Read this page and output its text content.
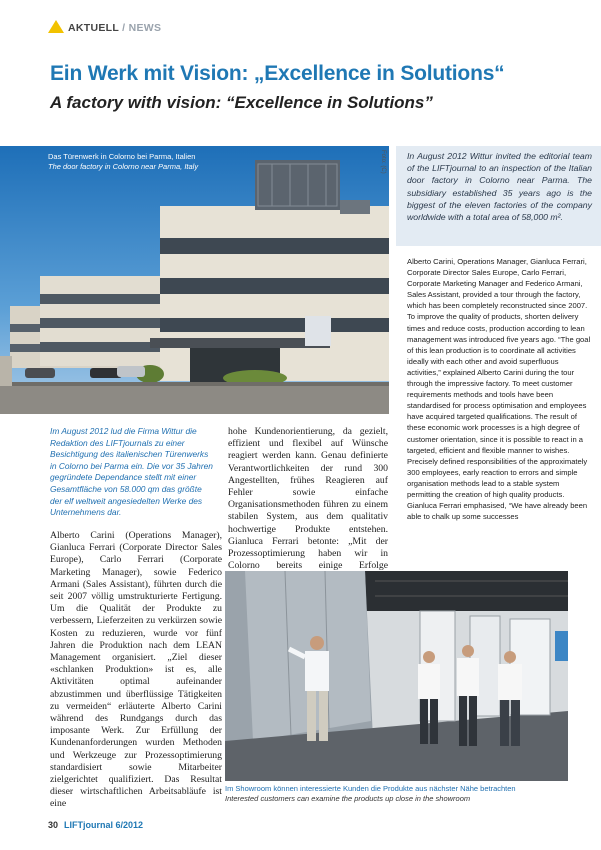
AKTUELL / NEWS
Ein Werk mit Vision: „Excellence in Solutions“
A factory with vision: “Excellence in Solutions”
Das Türenwerk in Colorno bei Parma, Italien
The door factory in Colorno near Parma, Italy	Foto: (C) In August 2012 Wittur invited the editorial team of the LIFTjournal to an inspection of the Italian door factory in Colorno near Parma. The subsidiary established 35 years ago is the biggest of the eleven factories of the company worldwide with a total area of 58,000 m².
Alberto Carini, Operations Manager, Gianluca Ferrari, Corporate Director Sales Europe, Carlo Ferrari, Corporate Marketing Manager and Federico Armani, Sales Assistant, provided a tour through the factory, which has been completely reconstructed since 2007. To improve the quality of products, shorten delivery times and reduce costs, production according to lean management was introduced five years ago. “The goal of this lean production is to coordinate all activities ideally with each other and avoid superfluous activities,” explained Alberto Carini during the tour through the impressive factory. To meet customer requirements methods and tools have been standardised for process optimisation and employees have acquired targeted qualifications. The result of these economic work processes is a high degree of customer orientation, since it is possible to react in a targeted, efficient and flexible manner to wishes. Precisely defined responsibilities of the approximately 300 employees, early reaction to errors and simple organisation methods lead to a stable system permitting the creation of high quality products. Gianluca Ferrari emphasised, “We have already been able to chalk up some successes
Im August 2012 lud die Firma Wittur die Redaktion des LIFTjournals zu einer Besichtigung des italienischen Türenwerks in Colorno bei Parma ein. Die vor 35 Jahren gegründete Dependance stellt mit einer Gesamtfläche von 58.000 qm das größte der elf weltweit angesiedelten Werke des Unternehmens dar.
Alberto Carini (Operations Manager), Gianluca Ferrari (Corporate Director Sales Europe), Carlo Ferrari (Corporate Marketing Manager), sowie Federico Armani (Sales Assistant), führten durch die seit 2007 völlig umstrukturierte Fertigung. Um die Qualität der Produkte zu verbessern, Lieferzeiten zu verkürzen sowie Kosten zu reduzieren, wurde vor fünf Jahren die Produktion nach dem LEAN Management organisiert. „Ziel dieser «schlanken Produktion» ist es, alle Aktivitäten optimal aufeinander abzustimmen und überflüssige Tätigkeiten zu vermeiden“ erläuterte Alberto Carini während des Rundgangs durch das imposante Werk. Zur Erfüllung der Kundenanforderungen wurden Methoden und Werkzeuge zur Prozessoptimierung standardisiert sowie Mitarbeiter zielgerichtet qualifiziert. Das Resultat dieser wirtschaftlichen Arbeitsabläufe ist eine
hohe Kundenorientierung, da gezielt, effizient und flexibel auf Wünsche reagiert werden kann. Genau definierte Verantwortlichkeiten der rund 300 Angestellten, frühes Reagieren auf Fehler sowie einfache Organisationsmethoden führen zu einem stabilen System, aus dem qualitativ hochwertige Produkte entstehen. Gianluca Ferrari betonte: „Mit der Prozessoptimierung haben wir in Colorno bereits einige Erfolge
Im Showroom können interessierte Kunden die Produkte aus nächster Nähe betrachten
Interested customers can examine the products up close in the showroom
30 LIFTjournal 6/2012
